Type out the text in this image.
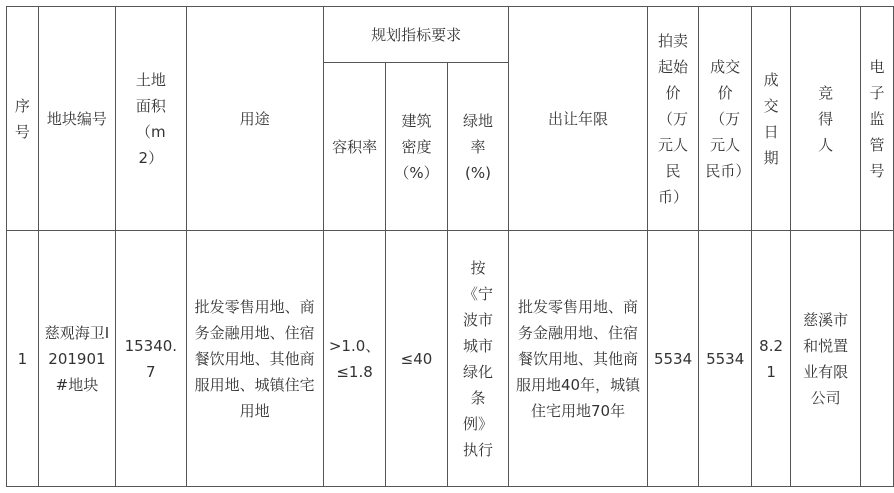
序号	地块编号	土地面积（m2）	用途	规划指标要求			出让年限	拍卖起始价（万元人民币）	成交价（万元人民币）	成交日期	竞得人	电子监管号
				容积率	建筑密度（%）	绿地率(%)						
1	慈观海卫I201901#地块	15340.7	批发零售用地、商务金融用地、住宿餐饮用地、其他商服用地、城镇住宅用地	>1.0、≤1.8	≤40	按《宁波市城市绿化条例》执行	批发零售用地、商务金融用地、住宿餐饮用地、其他商服用地40年，城镇住宅用地70年	5534	5534	8.21	慈溪市和悦置业有限公司	
